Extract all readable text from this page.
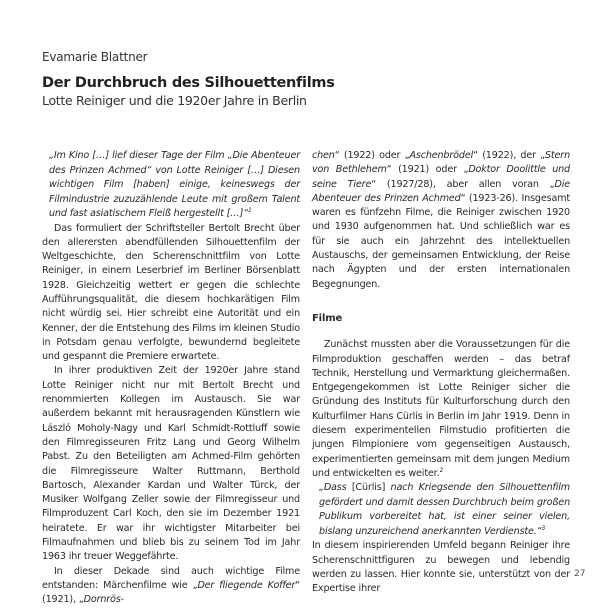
Evamarie Blattner
Der Durchbruch des Silhouettenfilms
Lotte Reiniger und die 1920er Jahre in Berlin

„Im Kino […] lief dieser Tage der Film „Die Abenteuer des Prinzen Achmed“ von Lotte Reiniger […] Diesen wichtigen Film [haben] einige, keineswegs der Filmindustrie zuzuzählende Leute mit großem Talent und fast asiatischem Fleiß hergestellt […]“$^1$

Das formuliert der Schriftsteller Bertolt Brecht über den allerersten abendfüllenden Silhouettenfilm der Weltgeschichte, den Scherenschnittfilm von Lotte Reiniger, in einem Leserbrief im Berliner Börsenblatt 1928. Gleichzeitig wettert er gegen die schlechte Aufführungsqualität, die diesem hochkarätigen Film nicht würdig sei. Hier schreibt eine Autorität und ein Kenner, der die Entstehung des Films im kleinen Studio in Potsdam genau verfolgte, bewundernd begleitete und gespannt die Premiere erwartete.

In ihrer produktiven Zeit der 1920er Jahre stand Lotte Reiniger nicht nur mit Bertolt Brecht und renommierten Kollegen im Austausch. Sie war außerdem bekannt mit herausragenden Künstlern wie László Moholy-Nagy und Karl Schmidt-Rottluff sowie den Filmregisseuren Fritz Lang und Georg Wilhelm Pabst. Zu den Beteiligten am Achmed-Film gehörten die Filmregisseure Walter Ruttmann, Berthold Bartosch, Alexander Kardan und Walter Türck, der Musiker Wolfgang Zeller sowie der Filmregisseur und Filmproduzent Carl Koch, den sie im Dezember 1921 heiratete. Er war ihr wichtigster Mitarbeiter bei Filmaufnahmen und blieb bis zu seinem Tod im Jahr 1963 ihr treuer Weggefährte.

In dieser Dekade sind auch wichtige Filme entstanden: Märchenfilme wie „Der fliegende Koffer“ (1921), „Dornrös-

chen“ (1922) oder „Aschenbrödel“ (1922), der „Stern von Bethlehem“ (1921) oder „Doktor Doolittle und seine Tiere“ (1927/28), aber allen voran „Die Abenteuer des Prinzen Achmed“ (1923-26). Insgesamt waren es fünfzehn Filme, die Reiniger zwischen 1920 und 1930 aufgenommen hat. Und schließlich war es für sie auch ein Jahrzehnt des intellektuellen Austauschs, der gemeinsamen Entwicklung, der Reise nach Ägypten und der ersten internationalen Begegnungen.

Filme

Zunächst mussten aber die Voraussetzungen für die Filmproduktion geschaffen werden – das betraf Technik, Herstellung und Vermarktung gleichermaßen. Entgegengekommen ist Lotte Reiniger sicher die Gründung des Instituts für Kulturforschung durch den Kulturfilmer Hans Cürlis in Berlin im Jahr 1919. Denn in diesem experimentellen Filmstudio profitierten die jungen Filmpioniere vom gegenseitigen Austausch, experimentierten gemeinsam mit dem jungen Medium und entwickelten es weiter.$^2$

„Dass [Cürlis] nach Kriegsende den Silhouettenfilm gefördert und damit dessen Durchbruch beim großen Publikum vorbereitet hat, ist einer seiner vielen, bislang unzureichend anerkannten Verdienste.“$^3$

In diesem inspirierenden Umfeld begann Reiniger ihre Scherenschnittfiguren zu bewegen und lebendig werden zu lassen. Hier konnte sie, unterstützt von der Expertise ihrer

27
